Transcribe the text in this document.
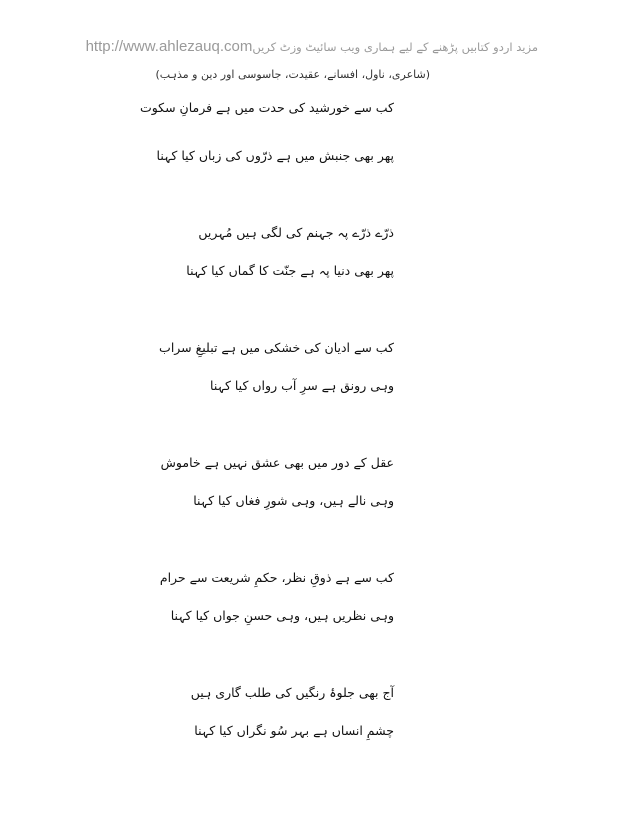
http://www.ahlezauq.com مزید اردو کتابیں پڑھنے کے لیے ہماری ویب سائیٹ وزٹ کریں
(شاعری، ناول، افسانے، عقیدت، جاسوسی اور دین و مذہب)
کب سے خورشید کی حدت میں ہے فرمانِ سکوت
پھر بھی جنبش میں ہے ذرّوں کی زباں کیا کہنا
ذرّے ذرّے پہ جہنم کی لگی ہیں مُہریں
پھر بھی دنیا پہ ہے جنّت کا گماں کیا کہنا
کب سے ادیان کی خشکی میں ہے تبلیغِ سراب
وہی رونق ہے سرِ آب رواں کیا کہنا
عقل کے دور میں بھی عشق نہیں ہے خاموش
وہی نالے ہیں، وہی شورِ فغاں کیا کہنا
کب سے ہے ذوقِ نظر، حکمِ شریعت سے حرام
وہی نظریں ہیں، وہی حسنِ جواں کیا کہنا
آج بھی جلوۂ رنگیں کی طلب گاری ہیں
چشمِ انساں ہے بہر سُو نگراں کیا کہنا
